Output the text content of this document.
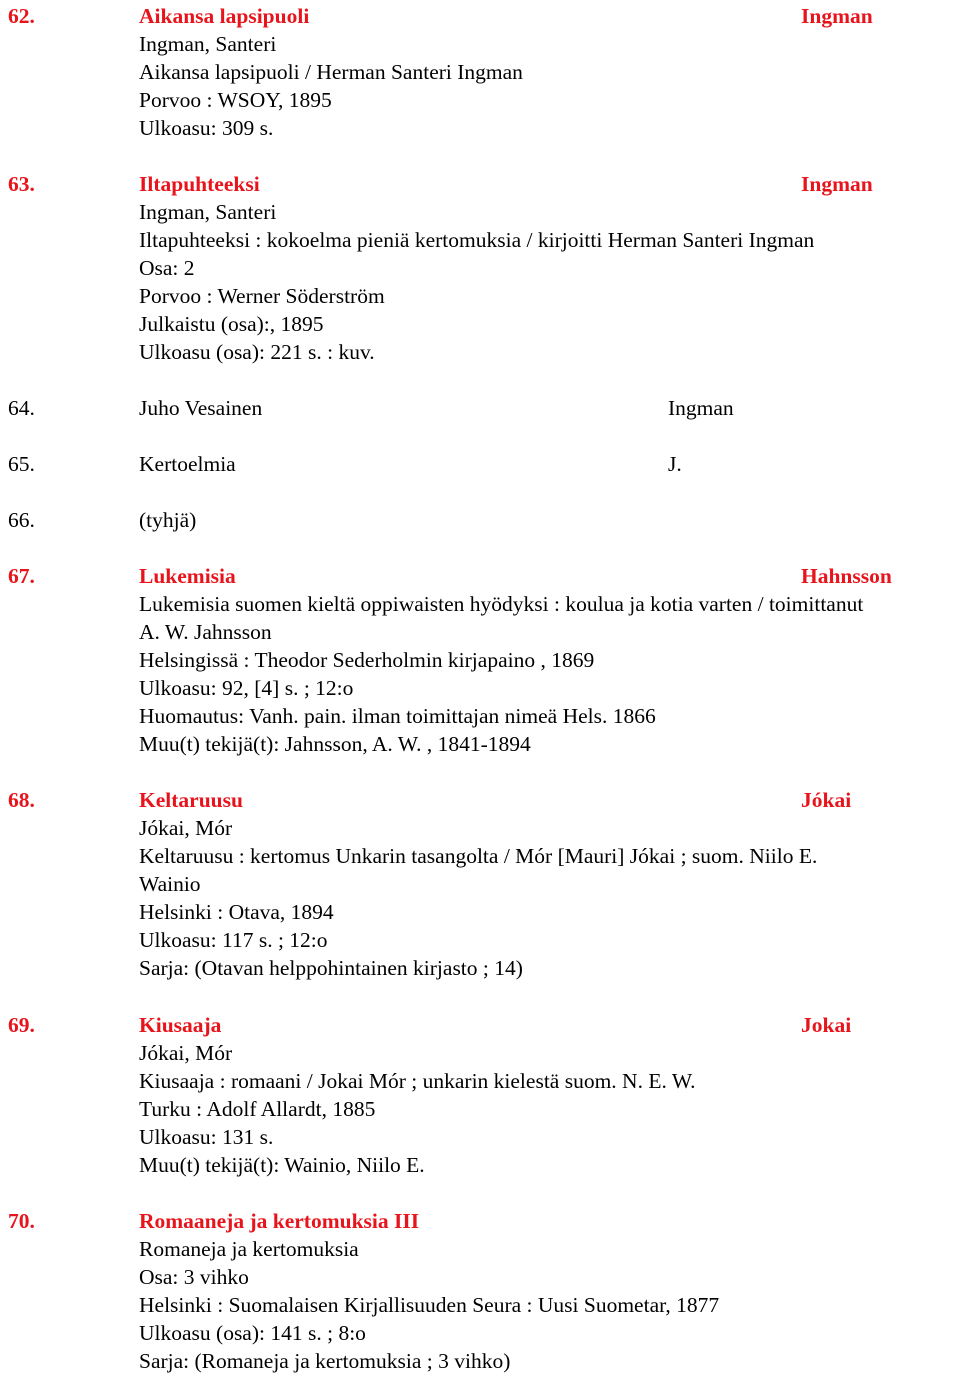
62.	Aikansa lapsipuoli	Ingman
Ingman, Santeri
Aikansa lapsipuoli / Herman Santeri Ingman
Porvoo : WSOY, 1895
Ulkoasu: 309 s.
63.	Iltapuhteeksi	Ingman
Ingman, Santeri
Iltapuhteeksi : kokoelma pieniä kertomuksia / kirjoitti Herman Santeri Ingman
Osa: 2
Porvoo : Werner Söderström
Julkaistu (osa):, 1895
Ulkoasu (osa): 221 s. : kuv.
64.	Juho Vesainen	Ingman
65.	Kertoelmia	J.
66.	(tyhjä)
67.	Lukemisia	Hahnsson
Lukemisia suomen kieltä oppiwaisten hyödyksi : koulua ja kotia varten / toimittanut
A. W. Jahnsson
Helsingissä : Theodor Sederholmin kirjapaino , 1869
Ulkoasu: 92, [4] s. ; 12:o
Huomautus: Vanh. pain. ilman toimittajan nimeä Hels. 1866
Muu(t) tekijä(t): Jahnsson, A. W. , 1841-1894
68.	Keltaruusu	Jókai
Jókai, Mór
Keltaruusu : kertomus Unkarin tasangolta / Mór [Mauri] Jókai ; suom. Niilo E.
Wainio
Helsinki : Otava, 1894
Ulkoasu: 117 s. ; 12:o
Sarja: (Otavan helppohintainen kirjasto ; 14)
69.	Kiusaaja	Jokai
Jókai, Mór
Kiusaaja : romaani / Jokai Mór ; unkarin kielestä suom. N. E. W.
Turku : Adolf Allardt, 1885
Ulkoasu: 131 s.
Muu(t) tekijä(t): Wainio, Niilo E.
70.	Romaaneja ja kertomuksia III
Romaneja ja kertomuksia
Osa: 3 vihko
Helsinki : Suomalaisen Kirjallisuuden Seura : Uusi Suometar, 1877
Ulkoasu (osa): 141 s. ; 8:o
Sarja: (Romaneja ja kertomuksia ; 3 vihko)
